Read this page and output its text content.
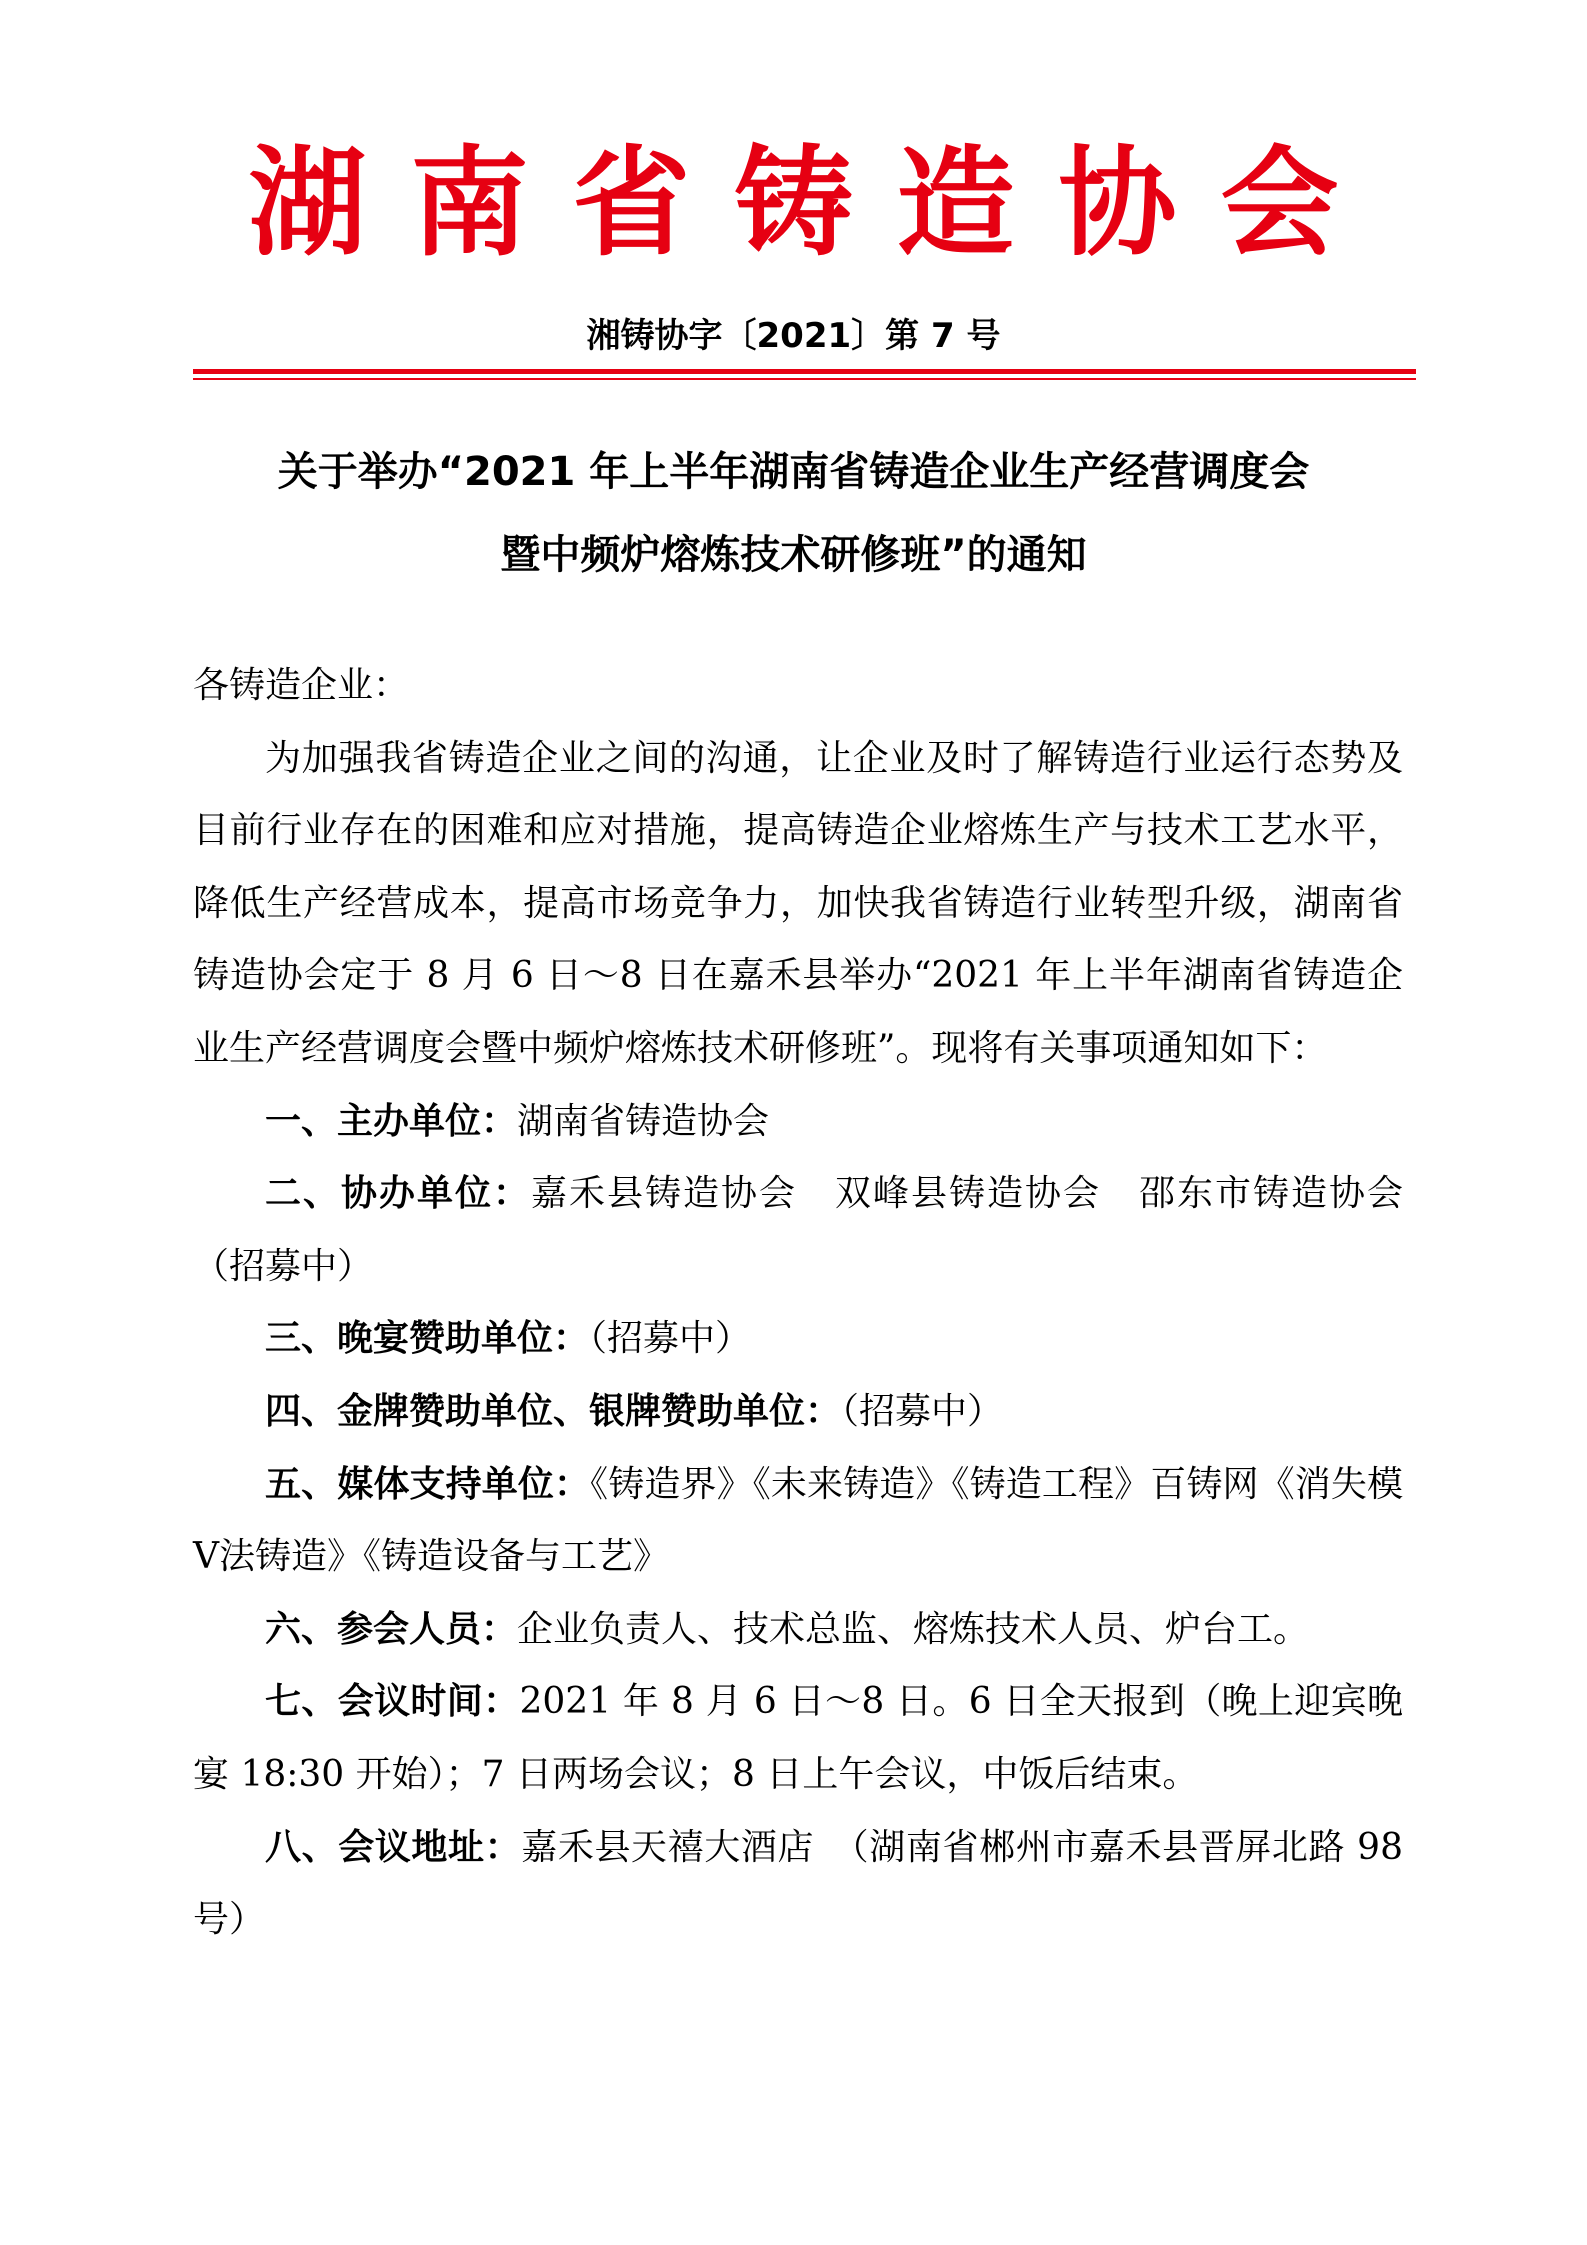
湖南省铸造协会
湘铸协字〔2021〕第 7 号
关于举办“2021 年上半年湖南省铸造企业生产经营调度会
暨中频炉熔炼技术研修班”的通知

各铸造企业：

为加强我省铸造企业之间的沟通，让企业及时了解铸造行业运行态势及目前行业存在的困难和应对措施，提高铸造企业熔炼生产与技术工艺水平，降低生产经营成本，提高市场竞争力，加快我省铸造行业转型升级，湖南省铸造协会定于 8 月 6 日～8 日在嘉禾县举办“2021 年上半年湖南省铸造企业生产经营调度会暨中频炉熔炼技术研修班”。现将有关事项通知如下：

一、主办单位：湖南省铸造协会

二、协办单位：嘉禾县铸造协会　双峰县铸造协会　邵东市铸造协会（招募中）

三、晚宴赞助单位：（招募中）

四、金牌赞助单位、银牌赞助单位：（招募中）

五、媒体支持单位：《铸造界》《未来铸造》《铸造工程》百铸网《消失模Ⅴ法铸造》《铸造设备与工艺》

六、参会人员：企业负责人、技术总监、熔炼技术人员、炉台工。

七、会议时间：2021 年 8 月 6 日～8 日。6 日全天报到（晚上迎宾晚宴 18:30 开始）；7 日两场会议；8 日上午会议，中饭后结束。

八、会议地址：嘉禾县天禧大酒店　（湖南省郴州市嘉禾县晋屏北路 98 号）
